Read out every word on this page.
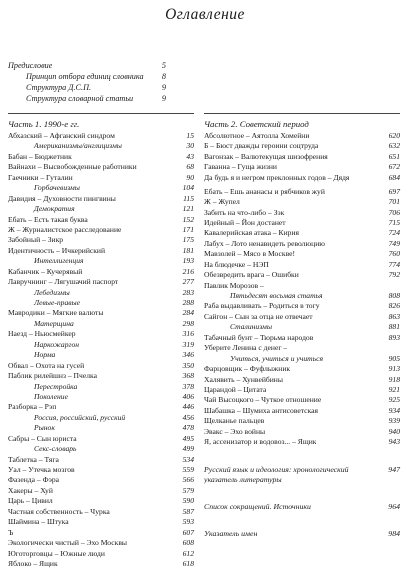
Оглавление
Предисловие	5
Принцип отбора единиц словника 8
Структура Д.С.П.	9
Структура словарной статьи	9
Часть 1. 1990-е гг.	Часть 2. Советский период
Абхазский – Афганский синдром	15
Американизмы/англицизмы	30
Бабан – Бюджетник	43
Вайнахи – Высвобожденные работники	68
Гаечники – Гуталин	90
Горбачевизмы	104
Давидия – Духовности пингвины	115
Демократия	121
Ебать – Есть такая буква	152
Ж – Журналистское расследование	171
Забойный – Зикр	175
Идентичность – Ичкерийский	181
Интеллигенция	193
Кабанчик – Кучерявый	216
Лавручнинг – Лягушачий паспорт	277
Лебедизмы	283
Левые-правые	288
Мавродики – Мягкие валюты	284
Матерщина	298
Наезд – Ньюсмейкер	316
Наркожаргон	319
Норма	346
Обвал – Охота на гусей	350
Паблик рилейшнз – Пчелка	368
Перестройка	378
Поколение	406
Разборка – Рэп	446
Россия, российский, русский	456
Рынок	478
Сабры – Сын юриста	495
Секс-словарь	499
Таблетка – Тяга	534
Уал – Утечка мозгов	559
Фазенда – Фэра	566
Хакеры – Хуй	579
Царь – Цивил	590
Частная собственность – Чурка	587
Шаймина – Штука	593
Ъ	607
Экологически чистый – Эхо Москвы	608
Юготорговцы – Южные люди	612
Яблоко – Ящик	618
Абсолютное – Аятолла Хомейни	620
Б – Бюст дважды героини соцтруда	632
Вагонзак – Валютекущая шизофрения	651
Гаванна – Гуща жизни	672
Да будь я и негром преклонных годов – Дядя	684
Ебать – Ешь ананасы и рябчиков жуй	697
Ж – Жупел	701
Забить на что-либо – Зэк	706
Идейный – Йон достанет	715
Кавалерийская атака – Кирия	724
Лабух – Лото ненавидеть революцию	749
Мавзолей – Мясо в Москве!	760
На блюдечке – НЭП	774
Обезвредить врага – Ошибки	792
Павлик Морозов –
Пятьдесят восьмая статья	808
Рабa выдавливать – Родиться в тогу	826
Сайгон – Сын за отца не отвечает	863
Сталинизмы	881
Табачный бунт – Тюрьма народов	893
Уберите Ленина с денег –
Учиться, учиться и учиться	905
Фарцовщик – Фуфлыжник	913
Халявить – Хунвейбины	918
Царандой – Цитата	921
Чай Высоцкого – Чуткое отношение	925
Шабашка – Шумиха антисоветская	934
Щелканье пальцев	939
Эвакс – Эхо войны	940
Я, ассенизатор и водовоз... – Ящик	943
Русский язык и идеология: хронологический указатель литературы
947
Список сокращений. Источники	964
Указатель имен	984
